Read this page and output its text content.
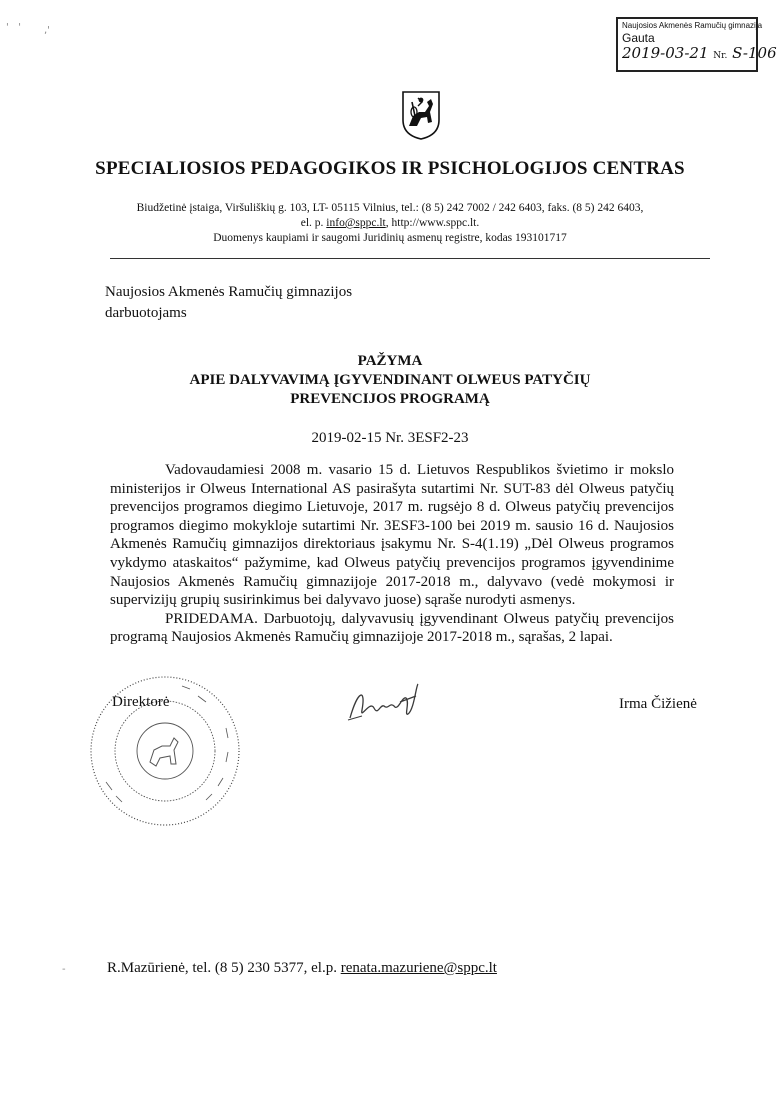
'   ' ,'	Naujosios Akmenės Ramučių gimnazija
Gauta
2019-03-21 Nr. S-106
SPECIALIOSIOS PEDAGOGIKOS IR PSICHOLOGIJOS CENTRAS
Biudžetinė įstaiga, Viršuliškių g. 103, LT- 05115 Vilnius, tel.: (8 5) 242 7002 / 242 6403, faks. (8 5) 242 6403,
el. p. info@sppc.lt, http://www.sppc.lt.
Duomenys kaupiami ir saugomi Juridinių asmenų registre, kodas 193101717
Naujosios Akmenės Ramučių gimnazijos
darbuotojams
PAŽYMA
APIE DALYVAVIMĄ ĮGYVENDINANT OLWEUS PATYČIŲ
PREVENCIJOS PROGRAMĄ
2019-02-15 Nr. 3ESF2-23

Vadovaudamiesi 2008 m. vasario 15 d. Lietuvos Respublikos švietimo ir mokslo ministerijos ir Olweus International AS pasirašyta sutartimi Nr. SUT-83 dėl Olweus patyčių prevencijos programos diegimo Lietuvoje, 2017 m. rugsėjo 8 d. Olweus patyčių prevencijos programos diegimo mokykloje sutartimi Nr. 3ESF3-100 bei 2019 m. sausio 16 d. Naujosios Akmenės Ramučių gimnazijos direktoriaus įsakymu Nr. S-4(1.19) „Dėl Olweus programos vykdymo ataskaitos“ pažymime, kad Olweus patyčių prevencijos programos įgyvendinime Naujosios Akmenės Ramučių gimnazijoje 2017-2018 m., dalyvavo (vedė mokymosi ir supervizijų grupių susirinkimus bei dalyvavo juose) sąraše nurodyti asmenys.

PRIDEDAMA. Darbuotojų, dalyvavusių įgyvendinant Olweus patyčių prevencijos programą Naujosios Akmenės Ramučių gimnazijoje 2017-2018 m., sąrašas, 2 lapai.

Direktorė	Irma Čižienė
R.Mazūrienė, tel. (8 5) 230 5377, el.p. renata.mazuriene@sppc.lt
-
